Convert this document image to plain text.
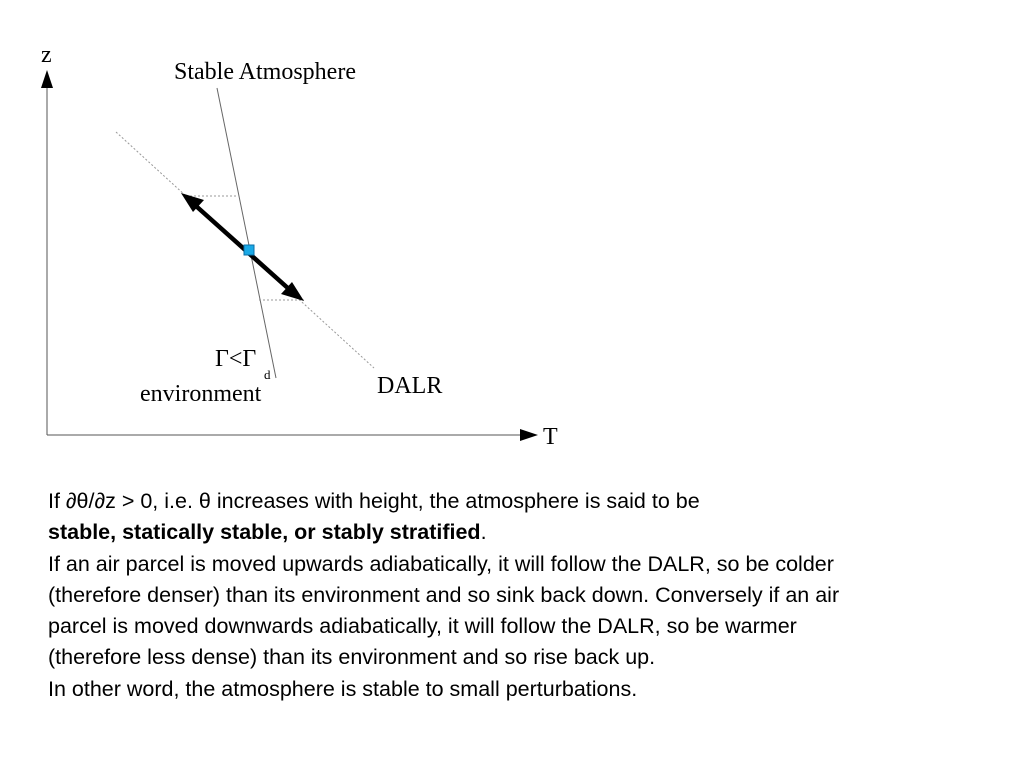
z
T
Stable Atmosphere
Γ<Γ
d
environment	DALR

If ∂θ/∂z > 0, i.e. θ increases with height, the atmosphere is said to be
stable, statically stable, or stably stratified.

If an air parcel is moved upwards adiabatically, it will follow the DALR, so be colder (therefore denser) than its environment and so sink back down. Conversely if an air parcel is moved downwards adiabatically, it will follow the DALR, so be warmer (therefore less dense) than its environment and so rise back up.

In other word, the atmosphere is stable to small perturbations.
